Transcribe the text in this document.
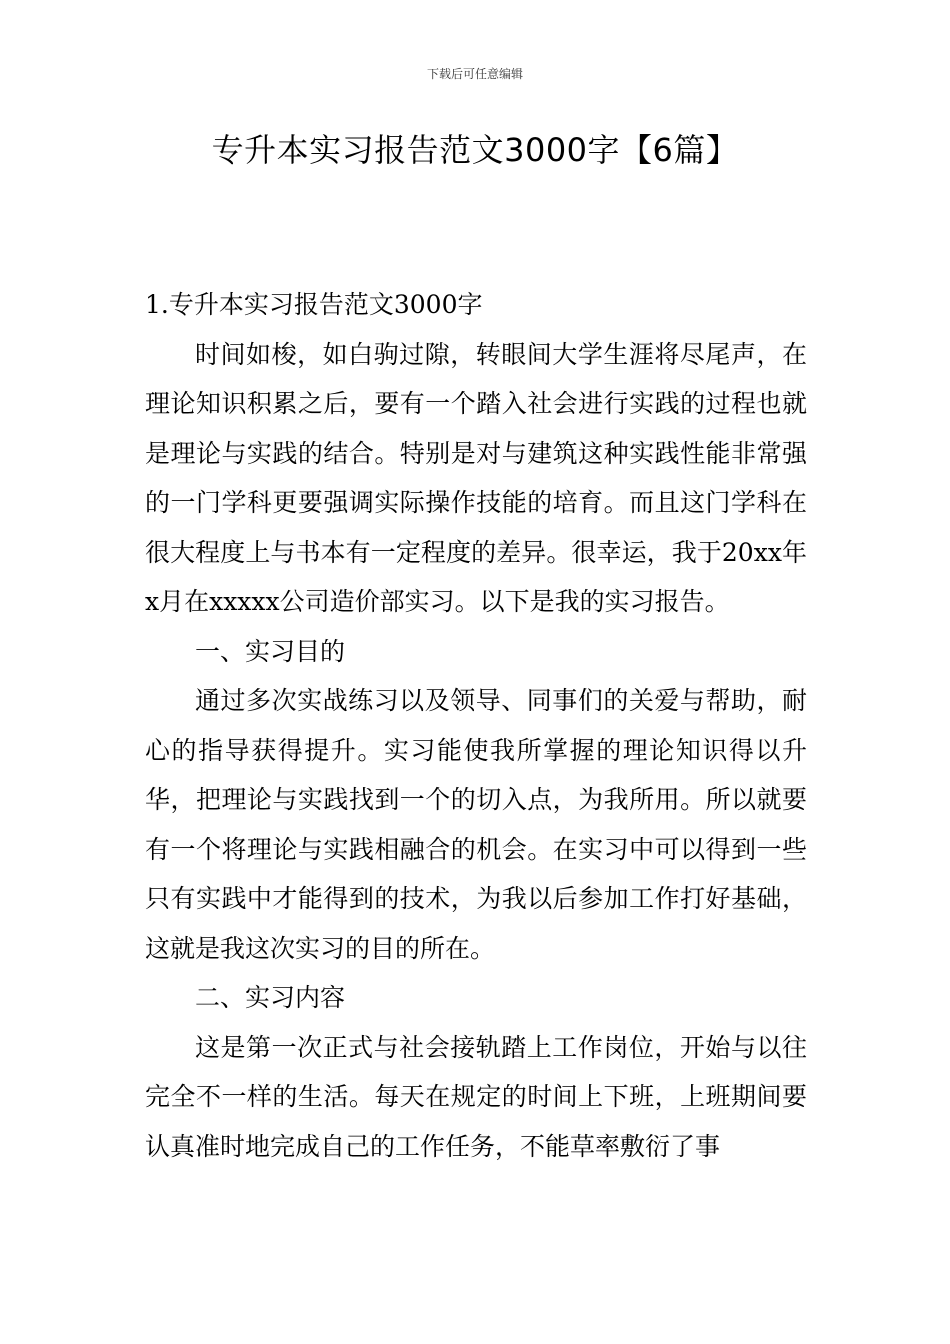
下载后可任意编辑
专升本实习报告范文3000字【6篇】

1.专升本实习报告范文3000字

时间如梭，如白驹过隙，转眼间大学生涯将尽尾声，在理论知识积累之后，要有一个踏入社会进行实践的过程也就是理论与实践的结合。特别是对与建筑这种实践性能非常强的一门学科更要强调实际操作技能的培育。而且这门学科在很大程度上与书本有一定程度的差异。很幸运，我于20xx年x月在xxxxx公司造价部实习。以下是我的实习报告。

一、实习目的

通过多次实战练习以及领导、同事们的关爱与帮助，耐心的指导获得提升。实习能使我所掌握的理论知识得以升华，把理论与实践找到一个的切入点，为我所用。所以就要有一个将理论与实践相融合的机会。在实习中可以得到一些只有实践中才能得到的技术，为我以后参加工作打好基础，这就是我这次实习的目的所在。

二、实习内容

这是第一次正式与社会接轨踏上工作岗位，开始与以往完全不一样的生活。每天在规定的时间上下班，上班期间要认真准时地完成自己的工作任务，不能草率敷衍了事
